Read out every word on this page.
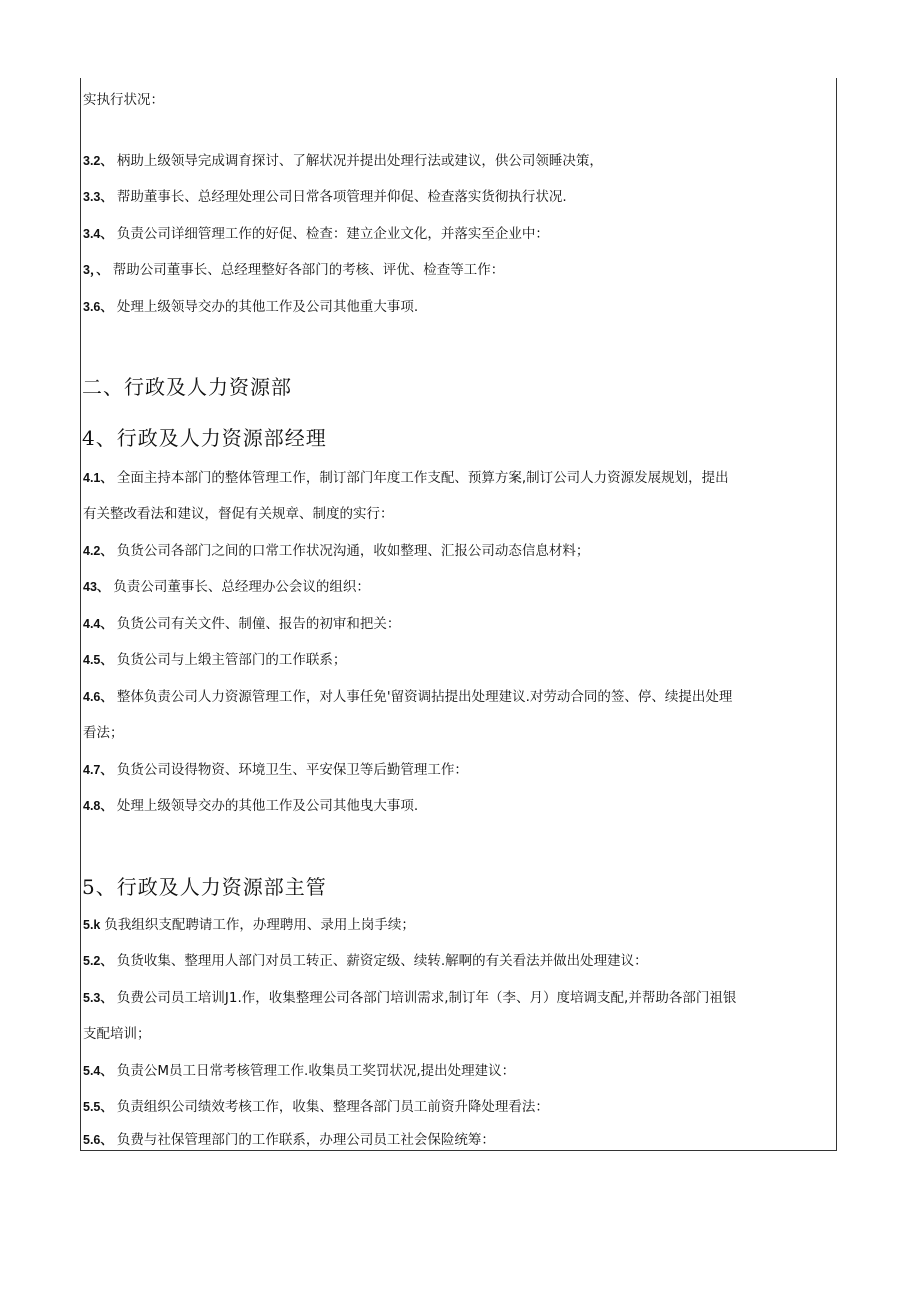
实执行状况：
3.2、 柄助上级领导完成调育探讨、了解状况并提出处理行法或建议，供公司领睡决策，
3.3、 帮助董事长、总经理处理公司日常各项管理并仰促、检查落实货彻执行状况.
3.4、 负责公司详细管理工作的好促、检查：建立企业文化，并落实至企业中：
3，、 帮助公司董事长、总经理整好各部门的考核、评优、检查等工作：
3.6、 处理上级领导交办的其他工作及公司其他重大事项.
二、行政及人力资源部
4、行政及人力资源部经理
4.1、 全面主持本部门的整体管理工作，制订部门年度工作支配、预算方案,制订公司人力资源发展规划，提出
有关整改看法和建议，督促有关规章、制度的实行：
4.2、 负货公司各部门之间的口常工作状况沟通，收如整理、汇报公司动态信息材料；
43、 负责公司董事长、总经理办公会议的组织：
4.4、 负货公司有关文件、制僮、报告的初审和把关：
4.5、 负货公司与上缎主管部门的工作联系；
4.6、 整体负责公司人力资源管理工作，对人事任免'留资调拈提出处理建议.对劳动合同的签、停、续提出处理
看法；
4.7、 负货公司设得物资、环境卫生、平安保卫等后勤管理工作：
4.8、 处理上级领导交办的其他工作及公司其他曳大事项.
5、行政及人力资源部主管
5.k 负我组织支配聘请工作，办理聘用、录用上岗手续；
5.2、 负货收集、整理用人部门对员工转正、薪资定级、续转.解啊的有关看法并做出处理建议：
5.3、 负费公司员工培训J1.作，收集整理公司各部门培训需求,制订年（李、月）度培调支配,并帮助各部门祖银
支配培训；
5.4、 负责公M员工日常考核管理工作.收集员工奖罚状况,提出处理建议：
5.5、 负责组织公司绩效考核工作，收集、整理各部门员工前资升降处理看法：
5.6、 负费与社保管理部门的工作联系，办理公司员工社会保险统筹：
